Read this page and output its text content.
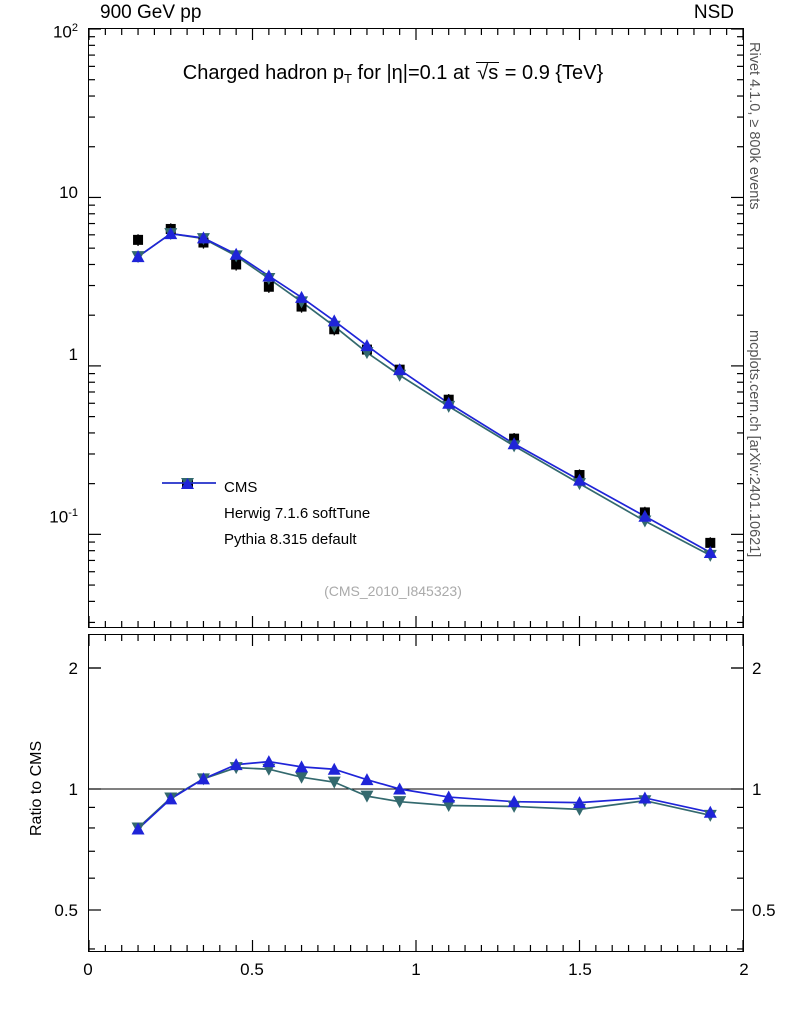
900 GeV pp	NSD
Rivet 4.1.0, ≥ 800k events
mcplots.cern.ch [arXiv:2401.10621]
Charged hadron $p_T$ for |η|=0.1 at √s = 0.9 {TeV}
(CMS_2010_I845323)
$10^2$
10
1
$10^{-1}$
CMS
Herwig 7.1.6 softTune
Pythia 8.315 default
Ratio to CMS
2
1
0.5
2
1
0.5
0	0.5	1	1.5	2
